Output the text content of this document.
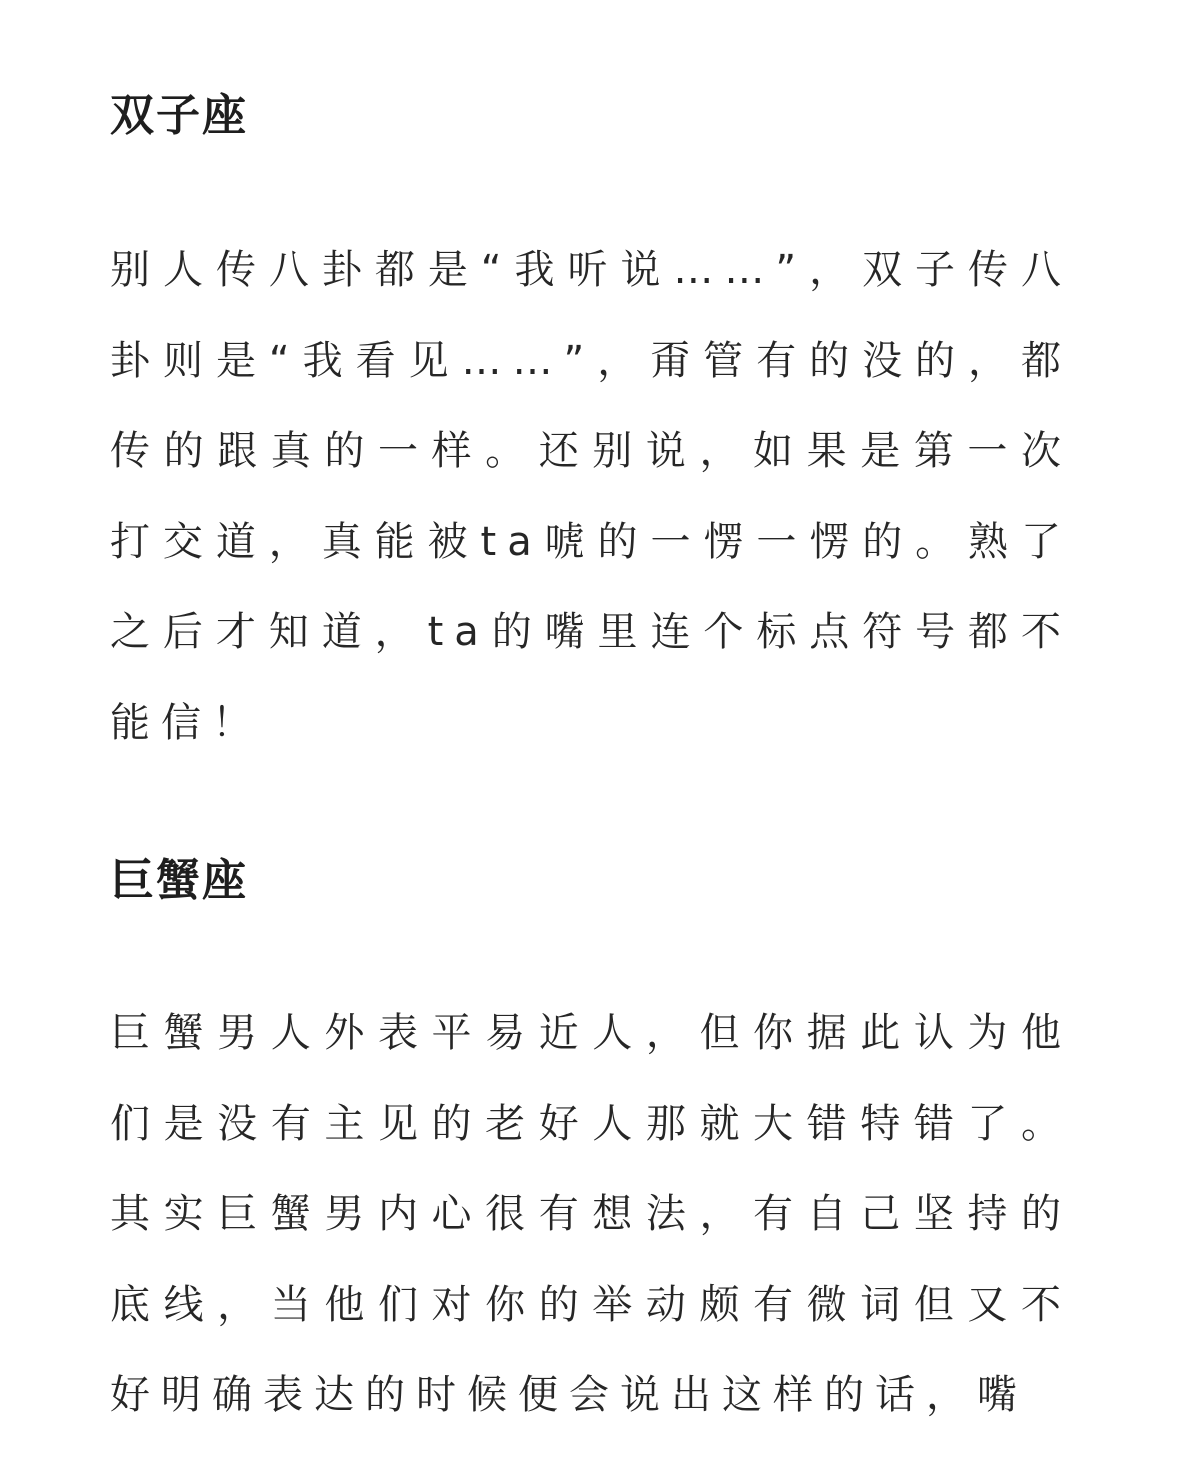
双子座

别人传八卦都是“我听说……”，双子传八卦则是“我看见……”，甭管有的没的，都传的跟真的一样。还别说，如果是第一次打交道，真能被ta唬的一愣一愣的。熟了之后才知道，ta的嘴里连个标点符号都不能信！

巨蟹座

巨蟹男人外表平易近人，但你据此认为他们是没有主见的老好人那就大错特错了。其实巨蟹男内心很有想法，有自己坚持的底线，当他们对你的举动颇有微词但又不好明确表达的时候便会说出这样的话，嘴
